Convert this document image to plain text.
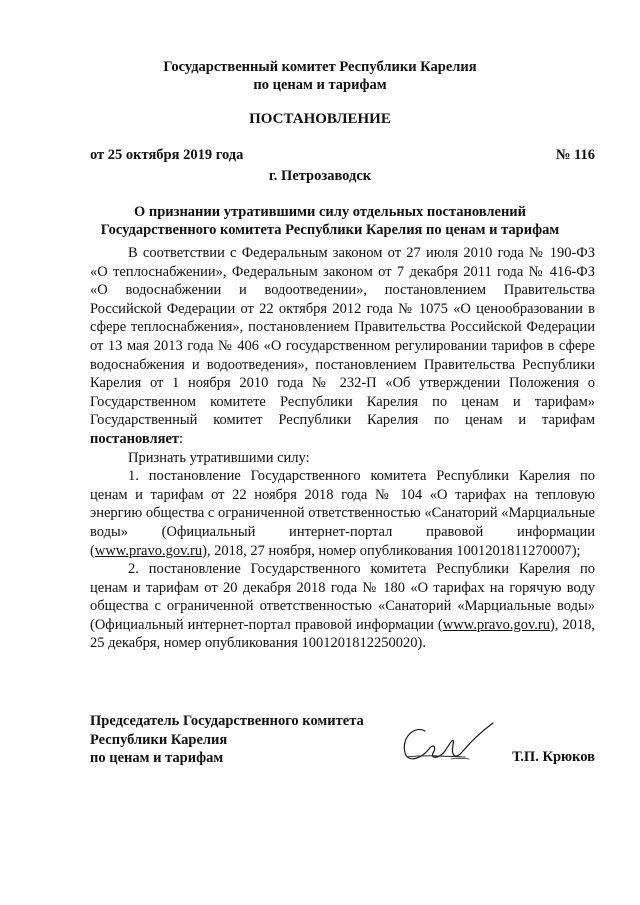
Государственный комитет Республики Карелия
по ценам и тарифам
ПОСТАНОВЛЕНИЕ
от 25 октября 2019 года	№ 116
г. Петрозаводск
О признании утратившими силу отдельных постановлений
Государственного комитета Республики Карелия по ценам и тарифам

В соответствии с Федеральным законом от 27 июля 2010 года № 190-ФЗ «О теплоснабжении», Федеральным законом от 7 декабря 2011 года № 416-ФЗ «О водоснабжении и водоотведении», постановлением Правительства Российской Федерации от 22 октября 2012 года № 1075 «О ценообразовании в сфере теплоснабжения», постановлением Правительства Российской Федерации от 13 мая 2013 года № 406 «О государственном регулировании тарифов в сфере водоснабжения и водоотведения», постановлением Правительства Республики Карелия от 1 ноября 2010 года № 232-П «Об утверждении Положения о Государственном комитете Республики Карелия по ценам и тарифам» Государственный комитет Республики Карелия по ценам и тарифам постановляет:

Признать утратившими силу:

1. постановление Государственного комитета Республики Карелия по ценам и тарифам от 22 ноября 2018 года № 104 «О тарифах на тепловую энергию общества с ограниченной ответственностью «Санаторий «Марциальные воды» (Официальный интернет-портал правовой информации (www.pravo.gov.ru), 2018, 27 ноября, номер опубликования 1001201811270007);

2. постановление Государственного комитета Республики Карелия по ценам и тарифам от 20 декабря 2018 года № 180 «О тарифах на горячую воду общества с ограниченной ответственностью «Санаторий «Марциальные воды» (Официальный интернет-портал правовой информации (www.pravo.gov.ru), 2018, 25 декабря, номер опубликования 1001201812250020).

Председатель Государственного комитета
Республики Карелия
по ценам и тарифам	Т.П. Крюков
